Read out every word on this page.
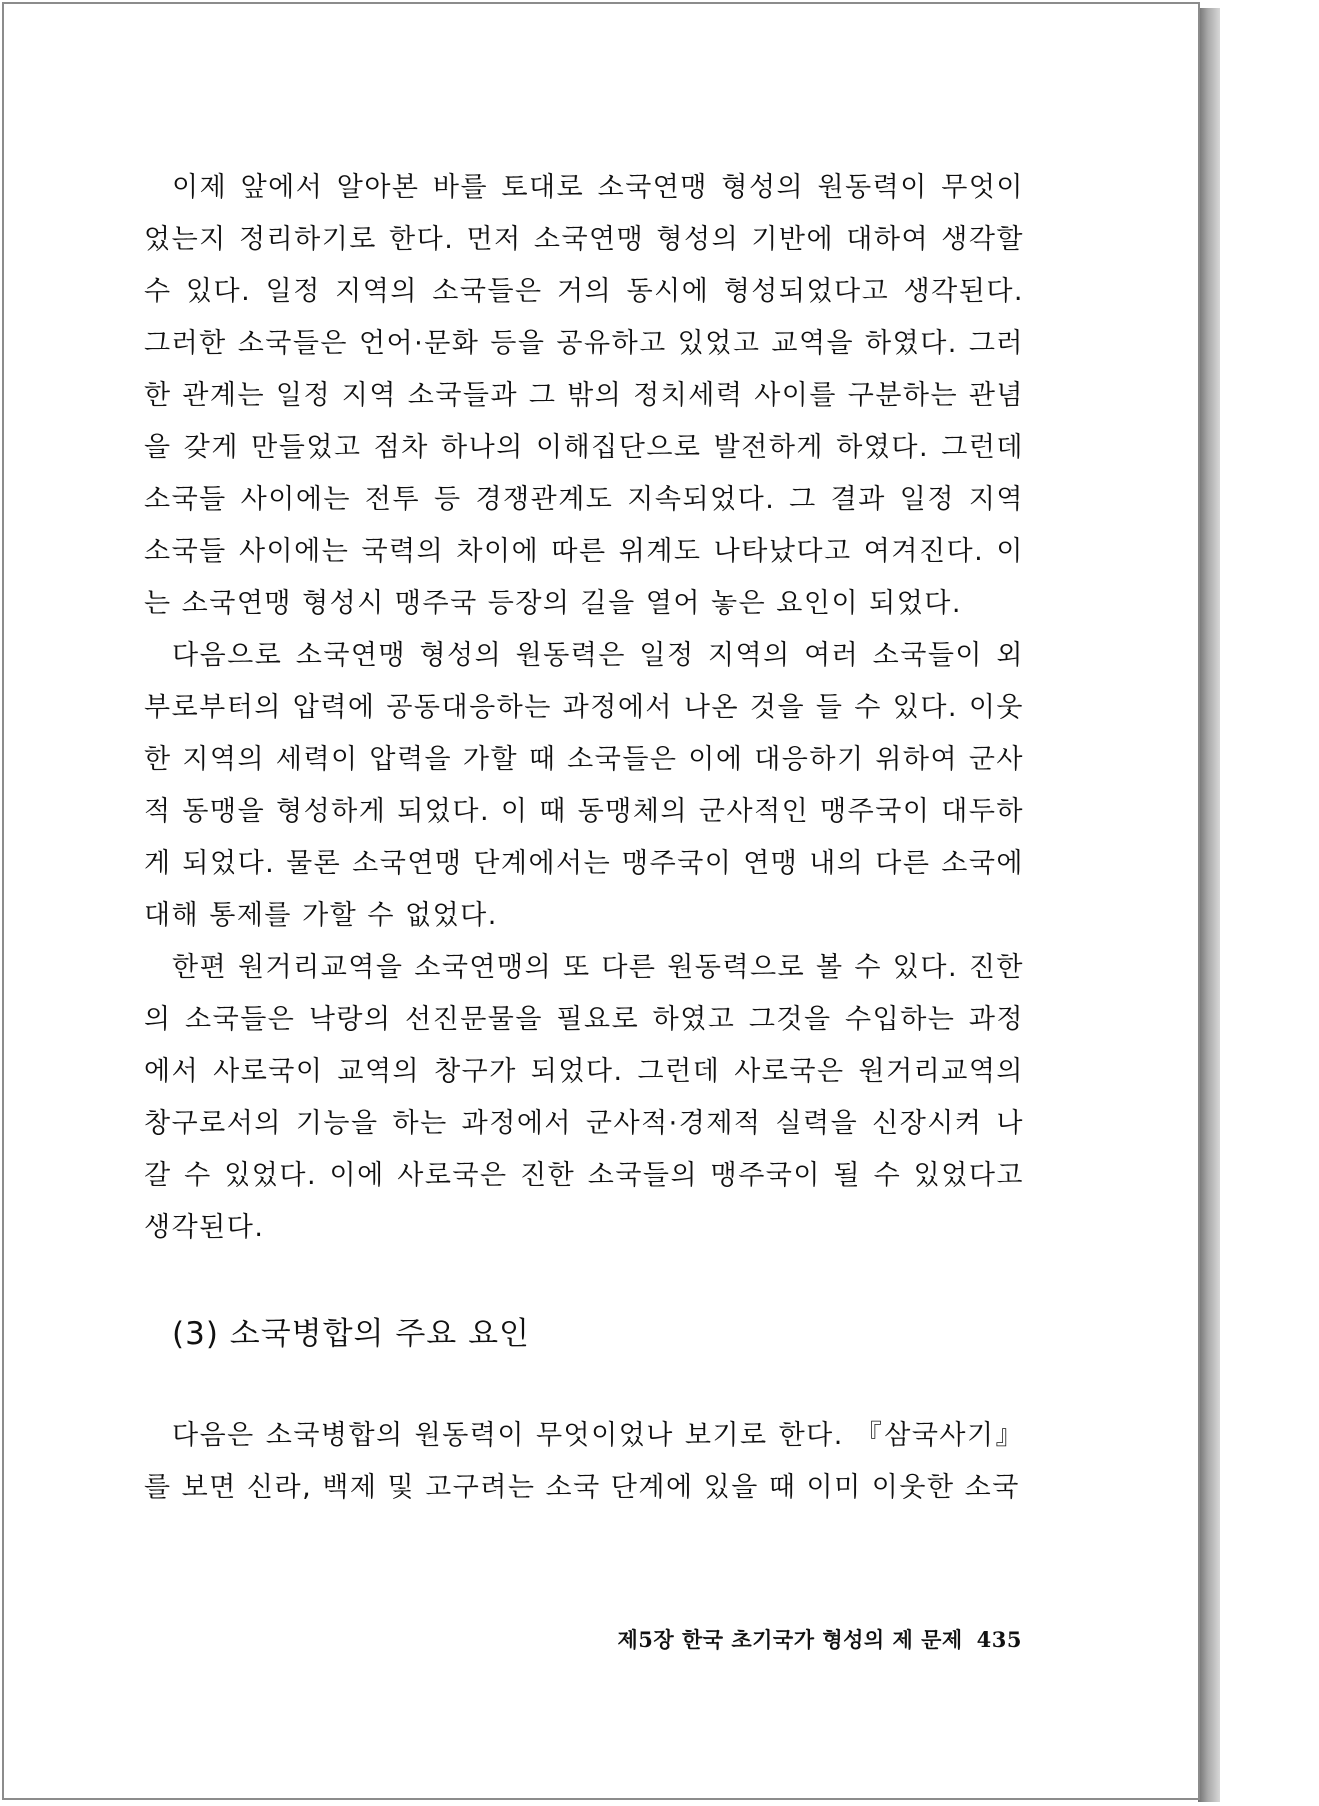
이제 앞에서 알아본 바를 토대로 소국연맹 형성의 원동력이 무엇이었는지 정리하기로 한다. 먼저 소국연맹 형성의 기반에 대하여 생각할 수 있다. 일정 지역의 소국들은 거의 동시에 형성되었다고 생각된다. 그러한 소국들은 언어·문화 등을 공유하고 있었고 교역을 하였다. 그러한 관계는 일정 지역 소국들과 그 밖의 정치세력 사이를 구분하는 관념을 갖게 만들었고 점차 하나의 이해집단으로 발전하게 하였다. 그런데 소국들 사이에는 전투 등 경쟁관계도 지속되었다. 그 결과 일정 지역 소국들 사이에는 국력의 차이에 따른 위계도 나타났다고 여겨진다. 이는 소국연맹 형성시 맹주국 등장의 길을 열어 놓은 요인이 되었다.

다음으로 소국연맹 형성의 원동력은 일정 지역의 여러 소국들이 외부로부터의 압력에 공동대응하는 과정에서 나온 것을 들 수 있다. 이웃한 지역의 세력이 압력을 가할 때 소국들은 이에 대응하기 위하여 군사적 동맹을 형성하게 되었다. 이 때 동맹체의 군사적인 맹주국이 대두하게 되었다. 물론 소국연맹 단계에서는 맹주국이 연맹 내의 다른 소국에 대해 통제를 가할 수 없었다.

한편 원거리교역을 소국연맹의 또 다른 원동력으로 볼 수 있다. 진한의 소국들은 낙랑의 선진문물을 필요로 하였고 그것을 수입하는 과정에서 사로국이 교역의 창구가 되었다. 그런데 사로국은 원거리교역의 창구로서의 기능을 하는 과정에서 군사적·경제적 실력을 신장시켜 나갈 수 있었다. 이에 사로국은 진한 소국들의 맹주국이 될 수 있었다고 생각된다.

(3) 소국병합의 주요 요인

다음은 소국병합의 원동력이 무엇이었나 보기로 한다. 『삼국사기』를 보면 신라, 백제 및 고구려는 소국 단계에 있을 때 이미 이웃한 소국

제5장 한국 초기국가 형성의 제 문제 435
